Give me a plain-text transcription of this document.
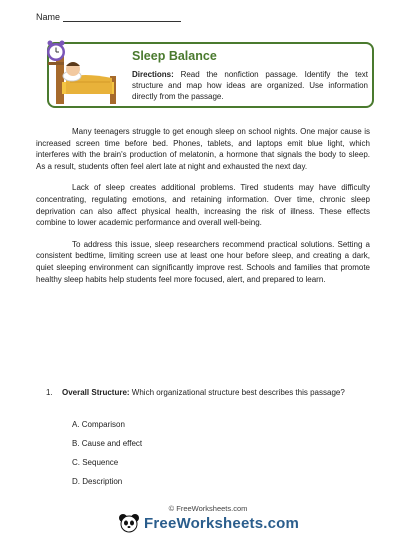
Name
Sleep Balance
Directions: Read the nonfiction passage. Identify the text structure and map how ideas are organized. Use information directly from the passage.

Many teenagers struggle to get enough sleep on school nights. One major cause is increased screen time before bed. Phones, tablets, and laptops emit blue light, which interferes with the brain's production of melatonin, a hormone that signals the body to sleep. As a result, students often feel alert late at night and exhausted the next day.

Lack of sleep creates additional problems. Tired students may have difficulty concentrating, regulating emotions, and retaining information. Over time, chronic sleep deprivation can also affect physical health, increasing the risk of illness. These effects combine to lower academic performance and overall well-being.

To address this issue, sleep researchers recommend practical solutions. Setting a consistent bedtime, limiting screen use at least one hour before sleep, and creating a dark, quiet sleeping environment can significantly improve rest. Schools and families that promote healthy sleep habits help students feel more focused, alert, and prepared to learn.

1.	Overall Structure: Which organizational structure best describes this passage?
A. Comparison
B. Cause and effect
C. Sequence
D. Description
© FreeWorksheets.com
FreeWorksheets.com
